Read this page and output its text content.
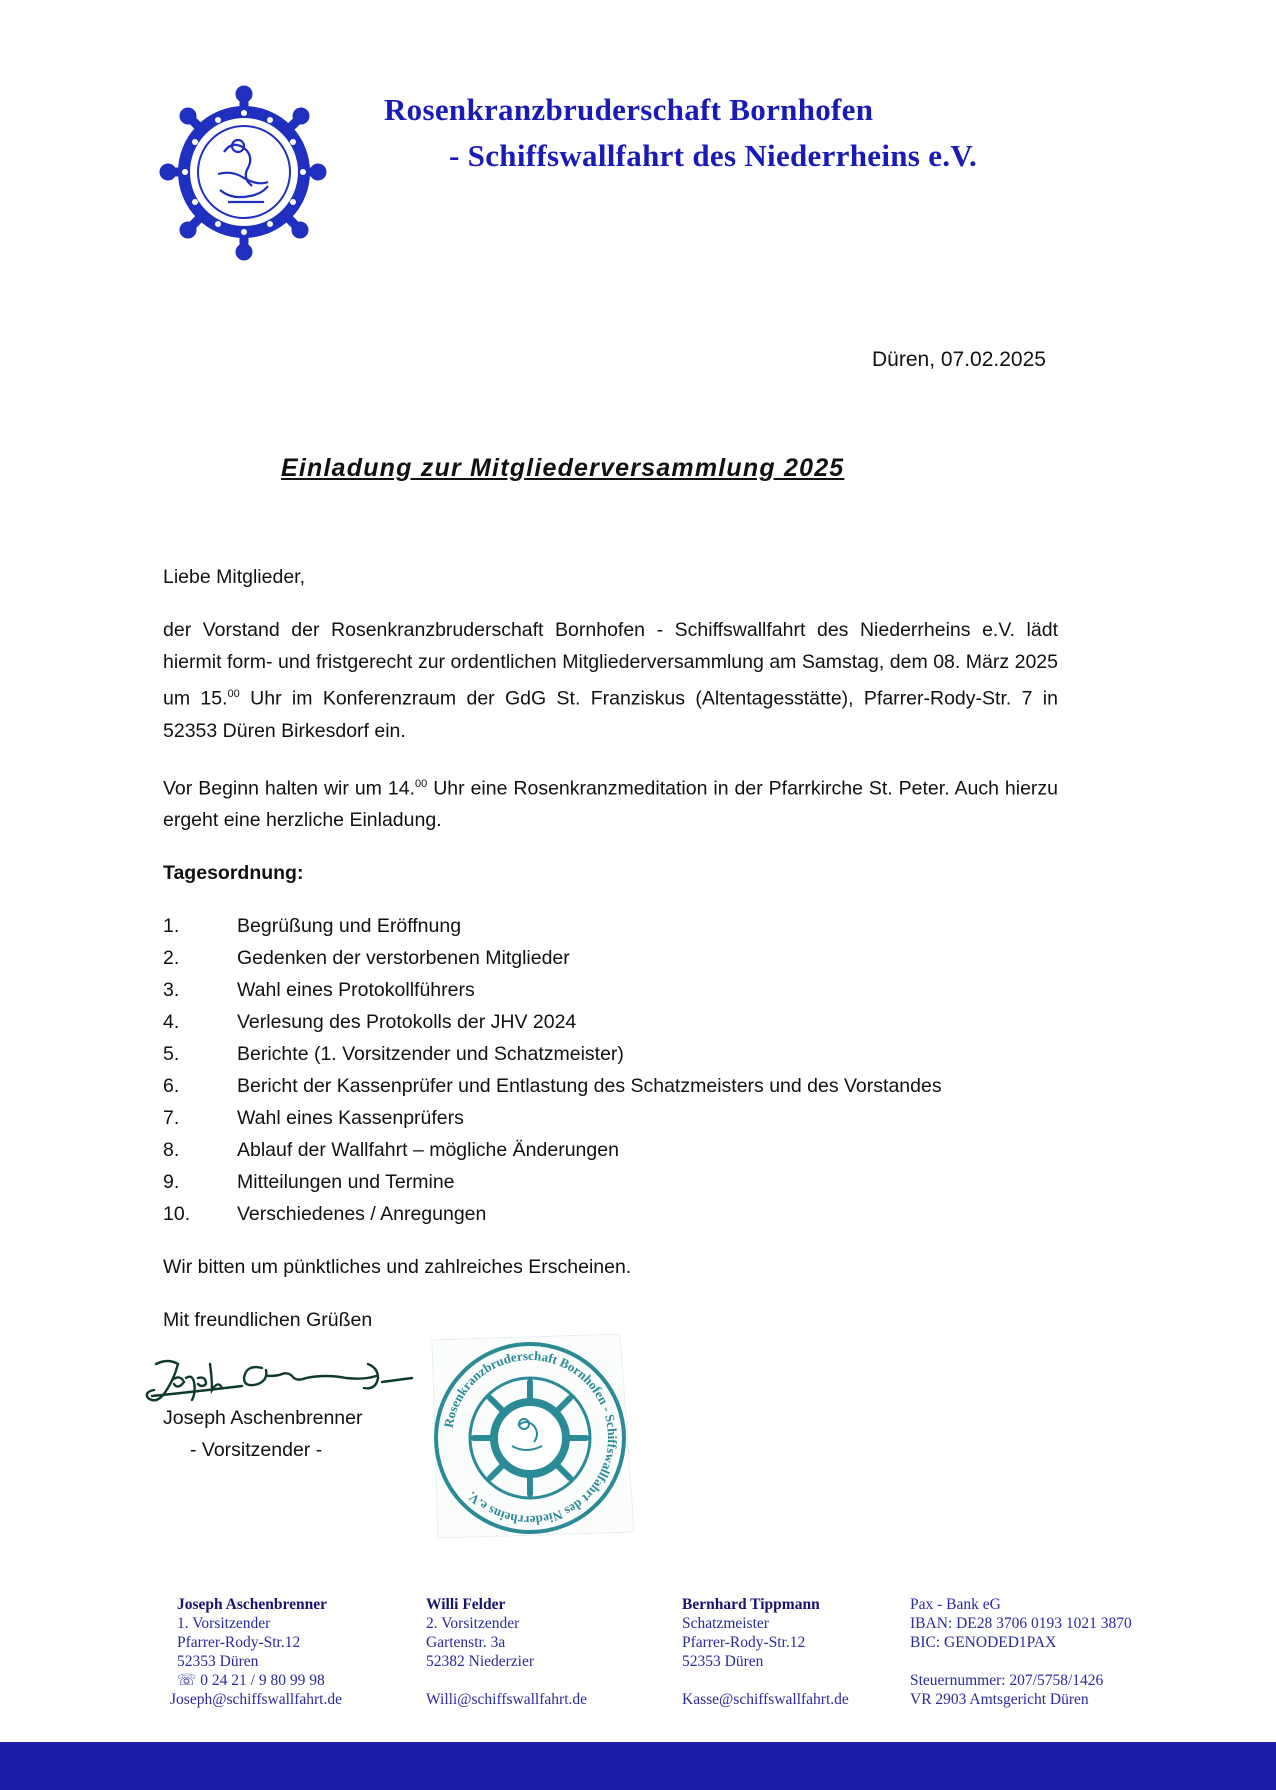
Rosenkranzbruderschaft Bornhofen
- Schiffswallfahrt des Niederrheins e.V.
Düren, 07.02.2025
Einladung zur Mitgliederversammlung 2025

Liebe Mitglieder,

der Vorstand der Rosenkranzbruderschaft Bornhofen - Schiffswallfahrt des Niederrheins e.V. lädt hiermit form- und fristgerecht zur ordentlichen Mitgliederversammlung am Samstag, dem 08. März 2025 um 15.00 Uhr im Konferenzraum der GdG St. Franziskus (Altentagesstätte), Pfarrer-Rody-Str. 7 in 52353 Düren Birkesdorf ein.

Vor Beginn halten wir um 14.00 Uhr eine Rosenkranzmeditation in der Pfarrkirche St. Peter. Auch hierzu ergeht eine herzliche Einladung.

Tagesordnung:

1.	Begrüßung und Eröffnung
2.	Gedenken der verstorbenen Mitglieder
3.	Wahl eines Protokollführers
4.	Verlesung des Protokolls der JHV 2024
5.	Berichte (1. Vorsitzender und Schatzmeister)
6.	Bericht der Kassenprüfer und Entlastung des Schatzmeisters und des Vorstandes
7.	Wahl eines Kassenprüfers
8.	Ablauf der Wallfahrt – mögliche Änderungen
9.	Mitteilungen und Termine
10. Verschiedenes / Anregungen

Wir bitten um pünktliches und zahlreiches Erscheinen.

Mit freundlichen Grüßen

Joseph Aschenbrenner
- Vorsitzender -
Rosenkranzbruderschaft Bornhofen - Schiffswallfahrt des Niederrheins e.V.
Joseph Aschenbrenner
1. Vorsitzender
Pfarrer-Rody-Str.12
52353 Düren
☏ 0 24 21 / 9 80 99 98
Joseph@schiffswallfahrt.de
Willi Felder
2. Vorsitzender
Gartenstr. 3a
52382 Niederzier

Willi@schiffswallfahrt.de
Bernhard Tippmann
Schatzmeister
Pfarrer-Rody-Str.12
52353 Düren

Kasse@schiffswallfahrt.de
Pax - Bank eG
IBAN: DE28 3706 0193 1021 3870
BIC: GENODED1PAX

Steuernummer: 207/5758/1426
VR 2903 Amtsgericht Düren
